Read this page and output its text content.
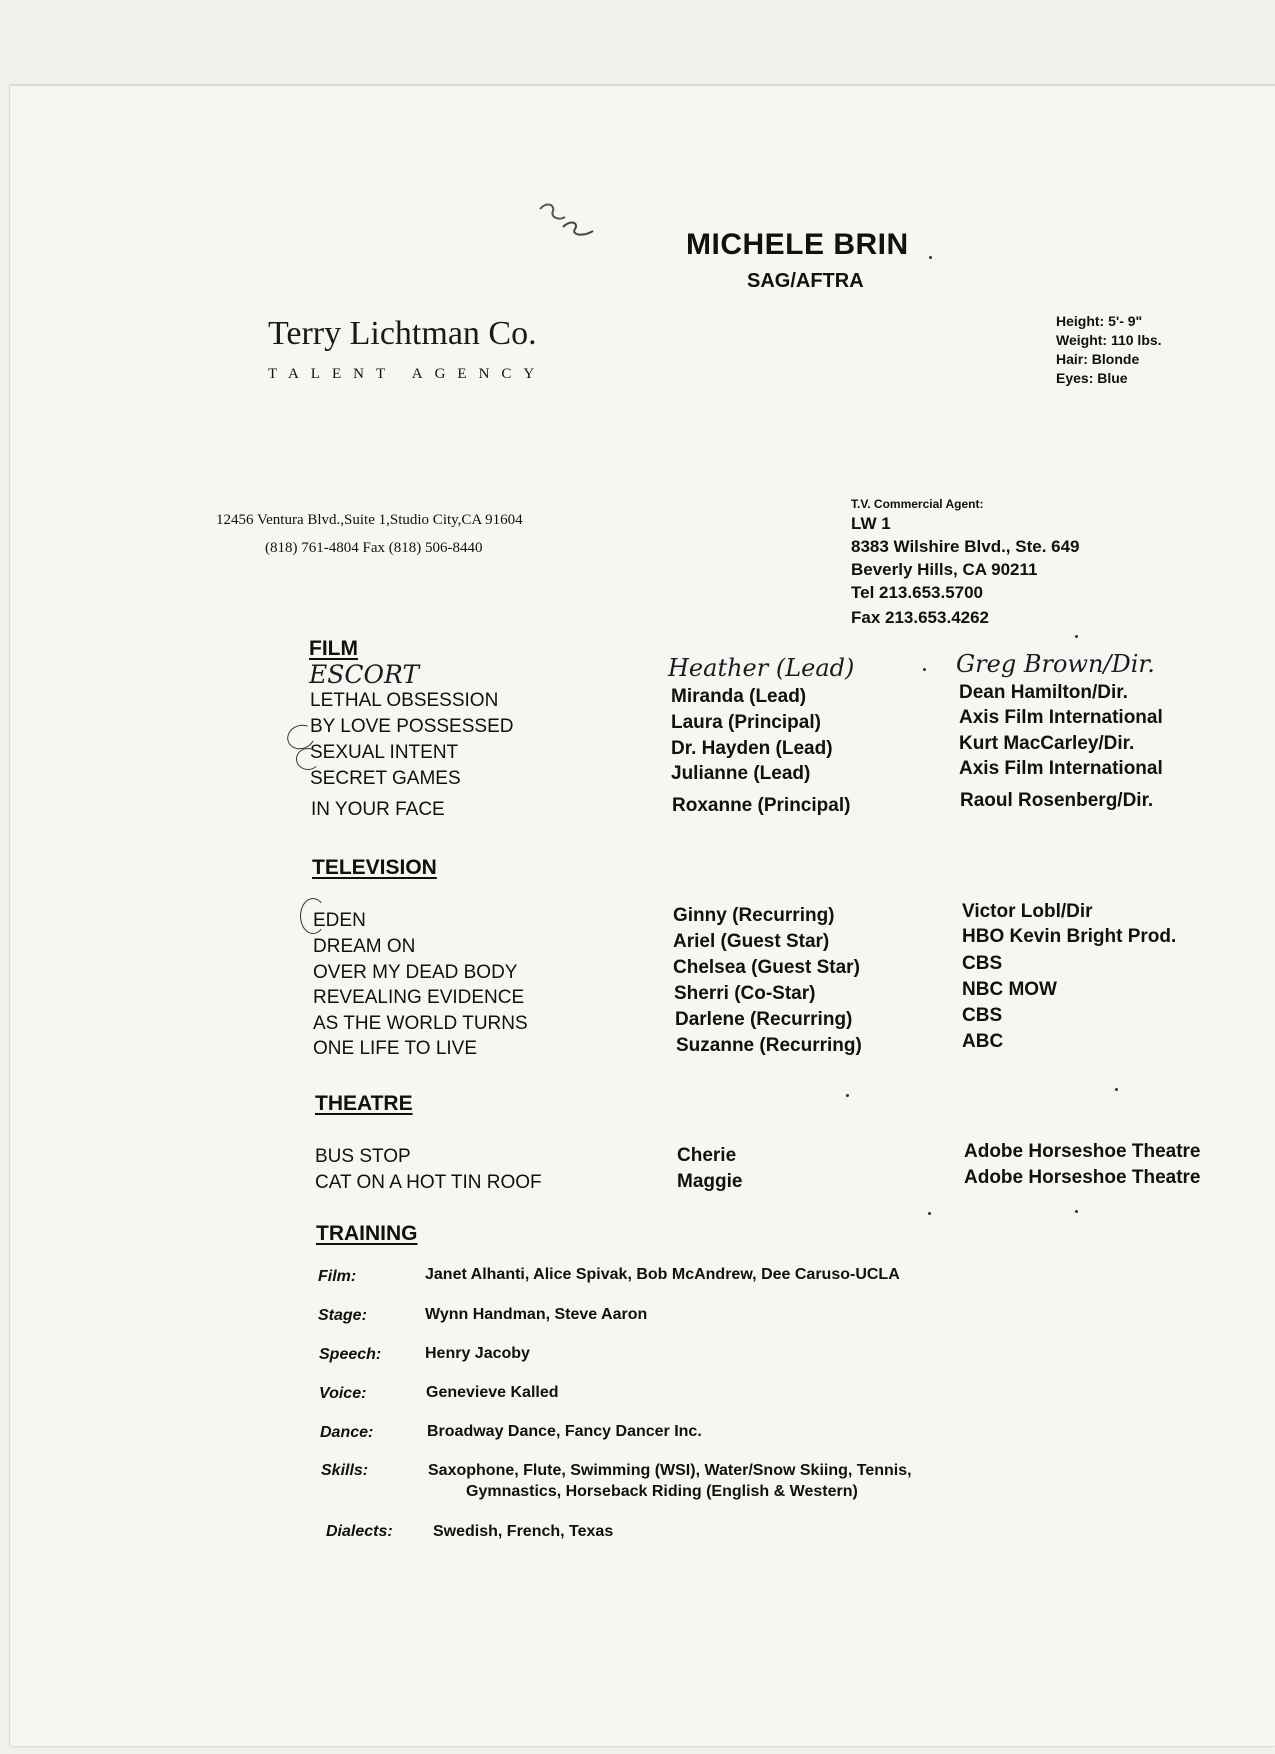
MICHELE BRIN
SAG/AFTRA
Terry Lichtman Co.
TALENT AGENCY
12456 Ventura Blvd.,Suite 1,Studio City,CA 91604
(818) 761-4804 Fax (818) 506-8440
Height: 5'- 9"
Weight: 110 lbs.
Hair: Blonde
Eyes: Blue
T.V. Commercial Agent:
LW 1
8383 Wilshire Blvd., Ste. 649
Beverly Hills, CA 90211
Tel 213.653.5700
Fax 213.653.4262
FILM
ESCORT	Heather (Lead)	Greg Brown/Dir.
LETHAL OBSESSION	Miranda (Lead)	Dean Hamilton/Dir.
BY LOVE POSSESSED	Laura (Principal)	Axis Film International
SEXUAL INTENT	Dr. Hayden (Lead)	Kurt MacCarley/Dir.
SECRET GAMES	Julianne (Lead)	Axis Film International
IN YOUR FACE	Roxanne (Principal)	Raoul Rosenberg/Dir.
TELEVISION
EDEN	Ginny (Recurring)	Victor Lobl/Dir
DREAM ON	Ariel (Guest Star)	HBO Kevin Bright Prod.
OVER MY DEAD BODY	Chelsea (Guest Star)	CBS
REVEALING EVIDENCE	Sherri (Co-Star)	NBC MOW
AS THE WORLD TURNS	Darlene (Recurring)	CBS
ONE LIFE TO LIVE	Suzanne (Recurring)	ABC
THEATRE
BUS STOP	Cherie	Adobe Horseshoe Theatre
CAT ON A HOT TIN ROOF	Maggie	Adobe Horseshoe Theatre
TRAINING
Film:	Janet Alhanti, Alice Spivak, Bob McAndrew, Dee Caruso-UCLA
Stage:	Wynn Handman, Steve Aaron
Speech:	Henry Jacoby
Voice:	Genevieve Kalled
Dance:	Broadway Dance, Fancy Dancer Inc.
Skills:	Saxophone, Flute, Swimming (WSI), Water/Snow Skiing, Tennis,
Gymnastics, Horseback Riding (English & Western)
Dialects:	Swedish, French, Texas
